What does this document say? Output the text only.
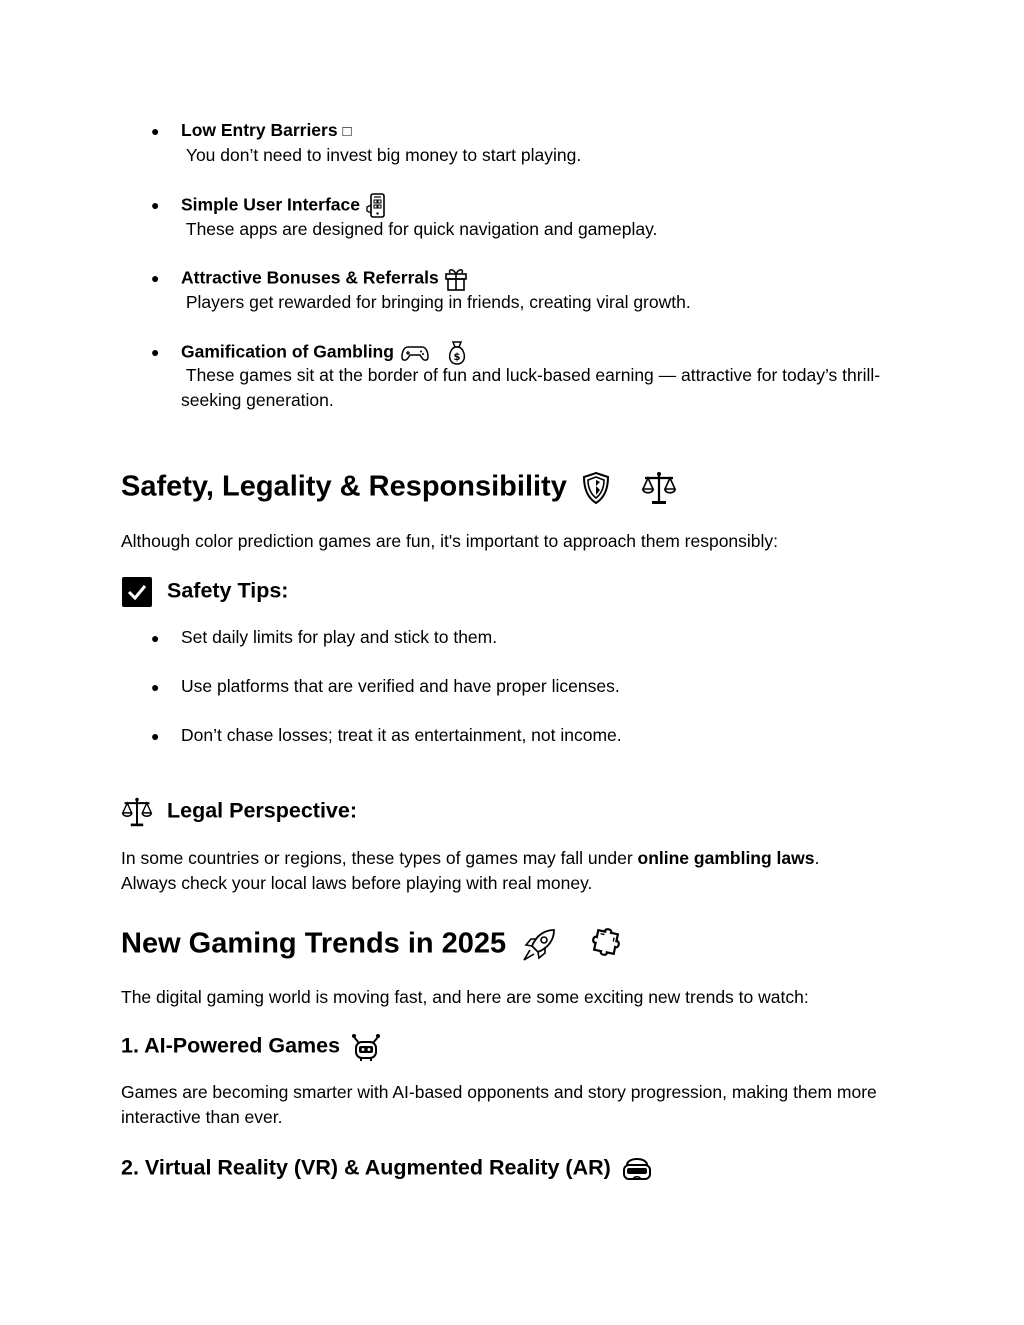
● Low Entry Barriers □
You don’t need to invest big money to start playing.
● Simple User Interface
These apps are designed for quick navigation and gameplay.
● Attractive Bonuses & Referrals
Players get rewarded for bringing in friends, creating viral growth.
● Gamification of Gambling
	$
These games sit at the border of fun and luck-based earning — attractive for today’s thrill-seeking generation.
Safety, Legality & Responsibility

Although color prediction games are fun, it's important to approach them responsibly:
Safety Tips:
● Set daily limits for play and stick to them.
● Use platforms that are verified and have proper licenses.
● Don’t chase losses; treat it as entertainment, not income.
Legal Perspective:
In some countries or regions, these types of games may fall under online gambling laws.
Always check your local laws before playing with real money.
New Gaming Trends in 2025

The digital gaming world is moving fast, and here are some exciting new trends to watch:
1. AI-Powered Games
Games are becoming smarter with AI-based opponents and story progression, making them more interactive than ever.
2. Virtual Reality (VR) & Augmented Reality (AR)
